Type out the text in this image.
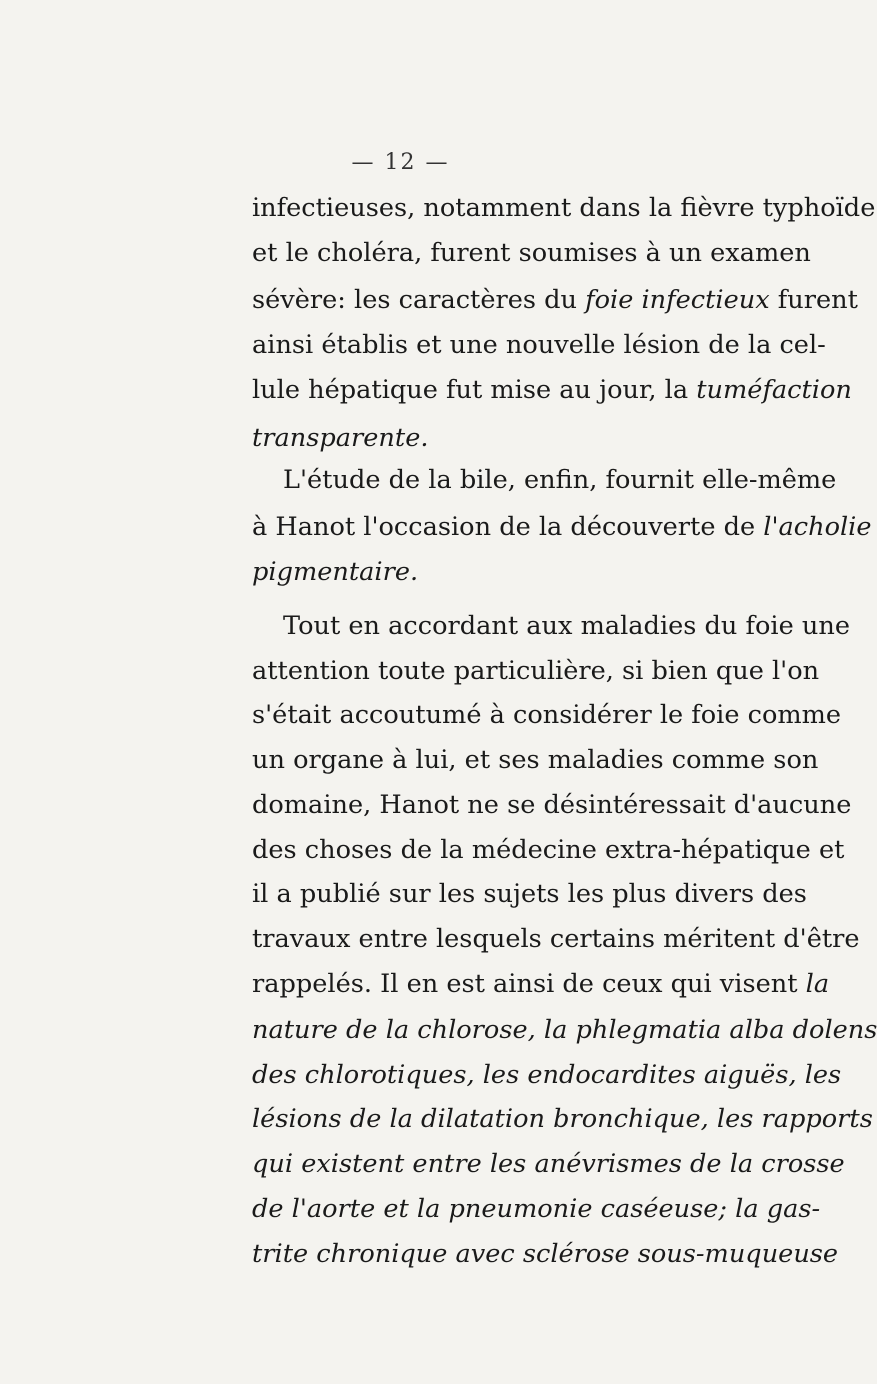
— 12 —
infectieuses, notamment dans la fièvre typhoïde
et le choléra, furent soumises à un examen
sévère: les caractères du foie infectieux furent
ainsi établis et une nouvelle lésion de la cel-
lule hépatique fut mise au jour, la tuméfaction
transparente.
L'étude de la bile, enfin, fournit elle-même
à Hanot l'occasion de la découverte de l'acholie
pigmentaire.
Tout en accordant aux maladies du foie une
attention toute particulière, si bien que l'on
s'était accoutumé à considérer le foie comme
un organe à lui, et ses maladies comme son
domaine, Hanot ne se désintéressait d'aucune
des choses de la médecine extra-hépatique et
il a publié sur les sujets les plus divers des
travaux entre lesquels certains méritent d'être
rappelés. Il en est ainsi de ceux qui visent la
nature de la chlorose, la phlegmatia alba dolens
des chlorotiques, les endocardites aiguës, les
lésions de la dilatation bronchique, les rapports
qui existent entre les anévrismes de la crosse
de l'aorte et la pneumonie caséeuse; la gas-
trite chronique avec sclérose sous-muqueuse
